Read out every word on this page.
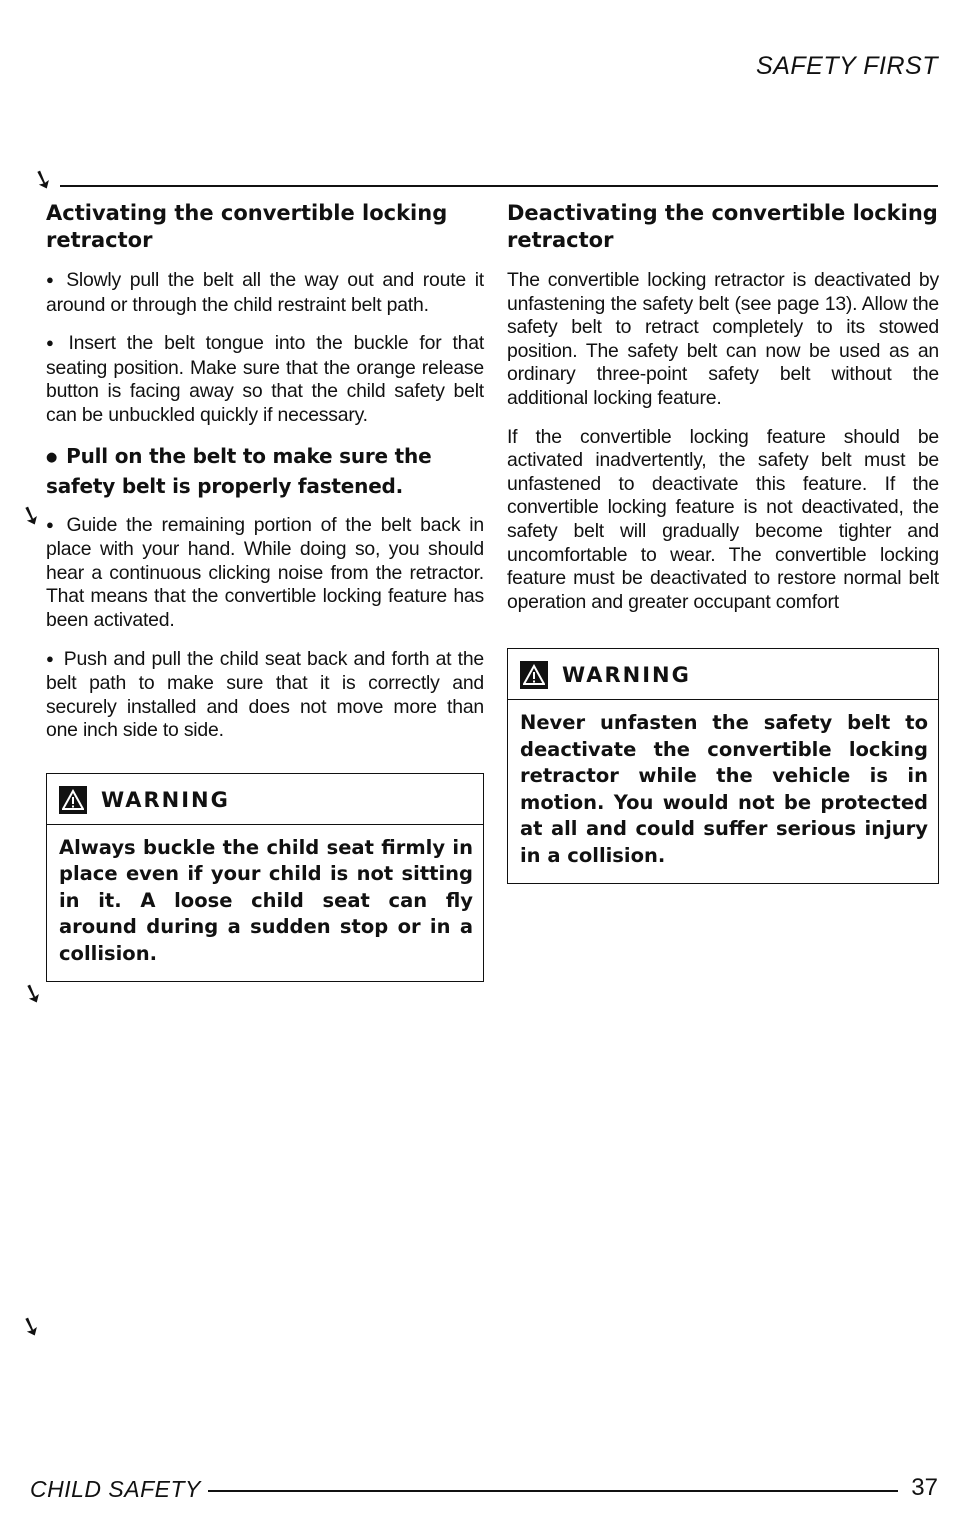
SAFETY FIRST
➘
➘
➘
➘
Activating the convertible locking retractor

● Slowly pull the belt all the way out and route it around or through the child restraint belt path.

● Insert the belt tongue into the buckle for that seating position. Make sure that the orange release button is facing away so that the child safety belt can be unbuckled quickly if necessary.

● Pull on the belt to make sure the safety belt is properly fastened.

● Guide the remaining portion of the belt back in place with your hand. While doing so, you should hear a continuous clicking noise from the retractor. That means that the convertible locking feature has been activated.

● Push and pull the child seat back and forth at the belt path to make sure that it is correctly and securely installed and does not move more than one inch side to side.

WARNING
Always buckle the child seat firmly in place even if your child is not sitting in it. A loose child seat can fly around during a sudden stop or in a collision.
Deactivating the convertible locking retractor

The convertible locking retractor is deactivated by unfastening the safety belt (see page 13). Allow the safety belt to retract completely to its stowed position. The safety belt can now be used as an ordinary three-point safety belt without the additional locking feature.

If the convertible locking feature should be activated inadvertently, the safety belt must be unfastened to deactivate this feature. If the convertible locking feature is not deactivated, the safety belt will gradually become tighter and uncomfortable to wear. The convertible locking feature must be deactivated to restore normal belt operation and greater occupant comfort

WARNING
Never unfasten the safety belt to deactivate the convertible locking retractor while the vehicle is in motion. You would not be protected at all and could suffer serious injury in a collision.
CHILD SAFETY	37
